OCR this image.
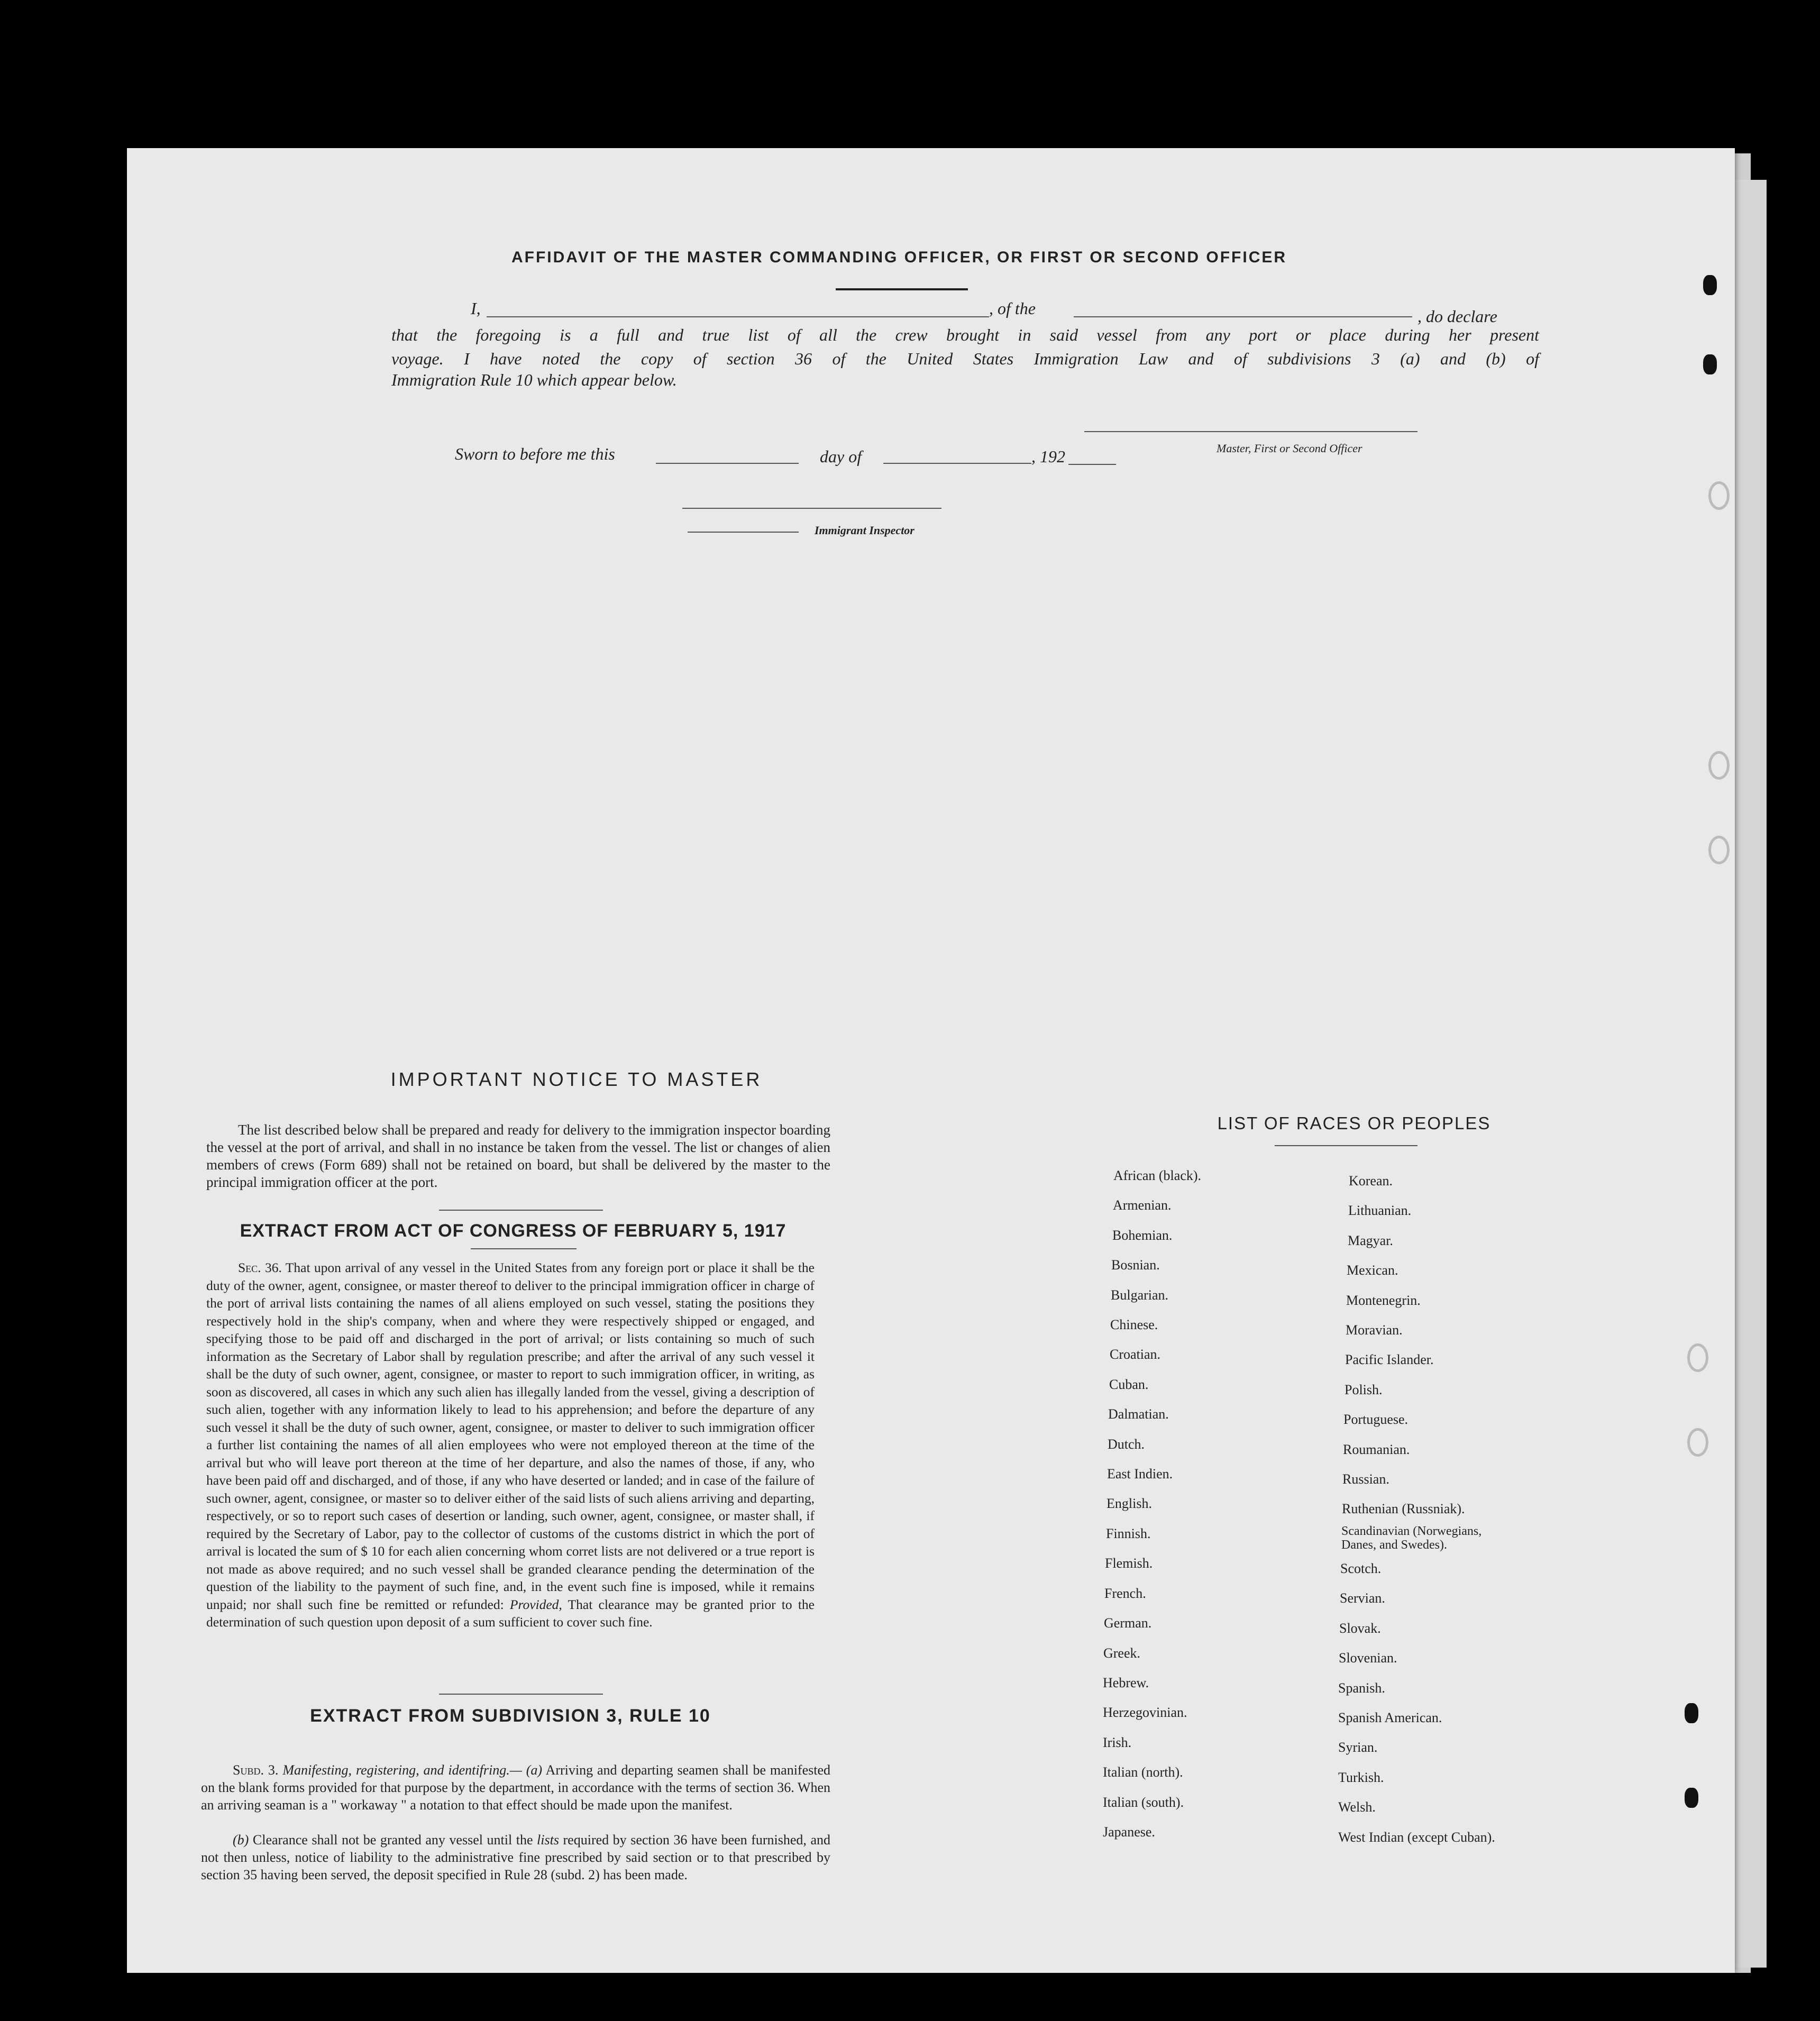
AFFIDAVIT OF THE MASTER COMMANDING OFFICER, OR FIRST OR SECOND OFFICER
I,	, of the	, do declare
that the foregoing is a full and true list of all the crew brought in said vessel from any port or place during her present
voyage. I have noted the copy of section 36 of the United States Immigration Law and of subdivisions 3 (a) and (b) of
Immigration Rule 10 which appear below.
Master, First or Second Officer
Sworn to before me this	day of	, 192
Immigrant Inspector
IMPORTANT NOTICE TO MASTER
The list described below shall be prepared and ready for delivery to the immigration inspector boarding the vessel at the port of arrival, and shall in no instance be taken from the vessel. The list or changes of alien members of crews (Form 689) shall not be retained on board, but shall be delivered by the master to the principal immigration officer at the port.
EXTRACT FROM ACT OF CONGRESS OF FEBRUARY 5, 1917
Sec. 36. That upon arrival of any vessel in the United States from any foreign port or place it shall be the duty of the owner, agent, consignee, or master thereof to deliver to the principal immigration officer in charge of the port of arrival lists containing the names of all aliens employed on such vessel, stating the positions they respectively hold in the ship's company, when and where they were respectively shipped or engaged, and specifying those to be paid off and discharged in the port of arrival; or lists containing so much of such information as the Secretary of Labor shall by regulation prescribe; and after the arrival of any such vessel it shall be the duty of such owner, agent, consignee, or master to report to such immigration officer, in writing, as soon as discovered, all cases in which any such alien has illegally landed from the vessel, giving a description of such alien, together with any information likely to lead to his apprehension; and before the departure of any such vessel it shall be the duty of such owner, agent, consignee, or master to deliver to such immigration officer a further list containing the names of all alien employees who were not employed thereon at the time of the arrival but who will leave port thereon at the time of her departure, and also the names of those, if any, who have been paid off and discharged, and of those, if any who have deserted or landed; and in case of the failure of such owner, agent, consignee, or master so to deliver either of the said lists of such aliens arriving and departing, respectively, or so to report such cases of desertion or landing, such owner, agent, consignee, or master shall, if required by the Secretary of Labor, pay to the collector of customs of the customs district in which the port of arrival is located the sum of $ 10 for each alien concerning whom corret lists are not delivered or a true report is not made as above required; and no such vessel shall be granded clearance pending the determination of the question of the liability to the payment of such fine, and, in the event such fine is imposed, while it remains unpaid; nor shall such fine be remitted or refunded: Provided, That clearance may be granted prior to the determination of such question upon deposit of a sum sufficient to cover such fine.
EXTRACT FROM SUBDIVISION 3, RULE 10
Subd. 3. Manifesting, registering, and identifring.— (a) Arriving and departing seamen shall be manifested on the blank forms provided for that purpose by the department, in accordance with the terms of section 36. When an arriving seaman is a " workaway " a notation to that effect should be made upon the manifest.
(b) Clearance shall not be granted any vessel until the lists required by section 36 have been furnished, and not then unless, notice of liability to the administrative fine prescribed by said section or to that prescribed by section 35 having been served, the deposit specified in Rule 28 (subd. 2) has been made.
LIST OF RACES OR PEOPLES
African (black).
Armenian.
Bohemian.
Bosnian.
Bulgarian.
Chinese.
Croatian.
Cuban.
Dalmatian.
Dutch.
East Indien.
English.
Finnish.
Flemish.
French.
German.
Greek.
Hebrew.
Herzegovinian.
Irish.
Italian (north).
Italian (south).
Japanese.
Korean.
Lithuanian.
Magyar.
Mexican.
Montenegrin.
Moravian.
Pacific Islander.
Polish.
Portuguese.
Roumanian.
Russian.
Ruthenian (Russniak).
Scandinavian (Norwegians, Danes, and Swedes).
Scotch.
Servian.
Slovak.
Slovenian.
Spanish.
Spanish American.
Syrian.
Turkish.
Welsh.
West Indian (except Cuban).
